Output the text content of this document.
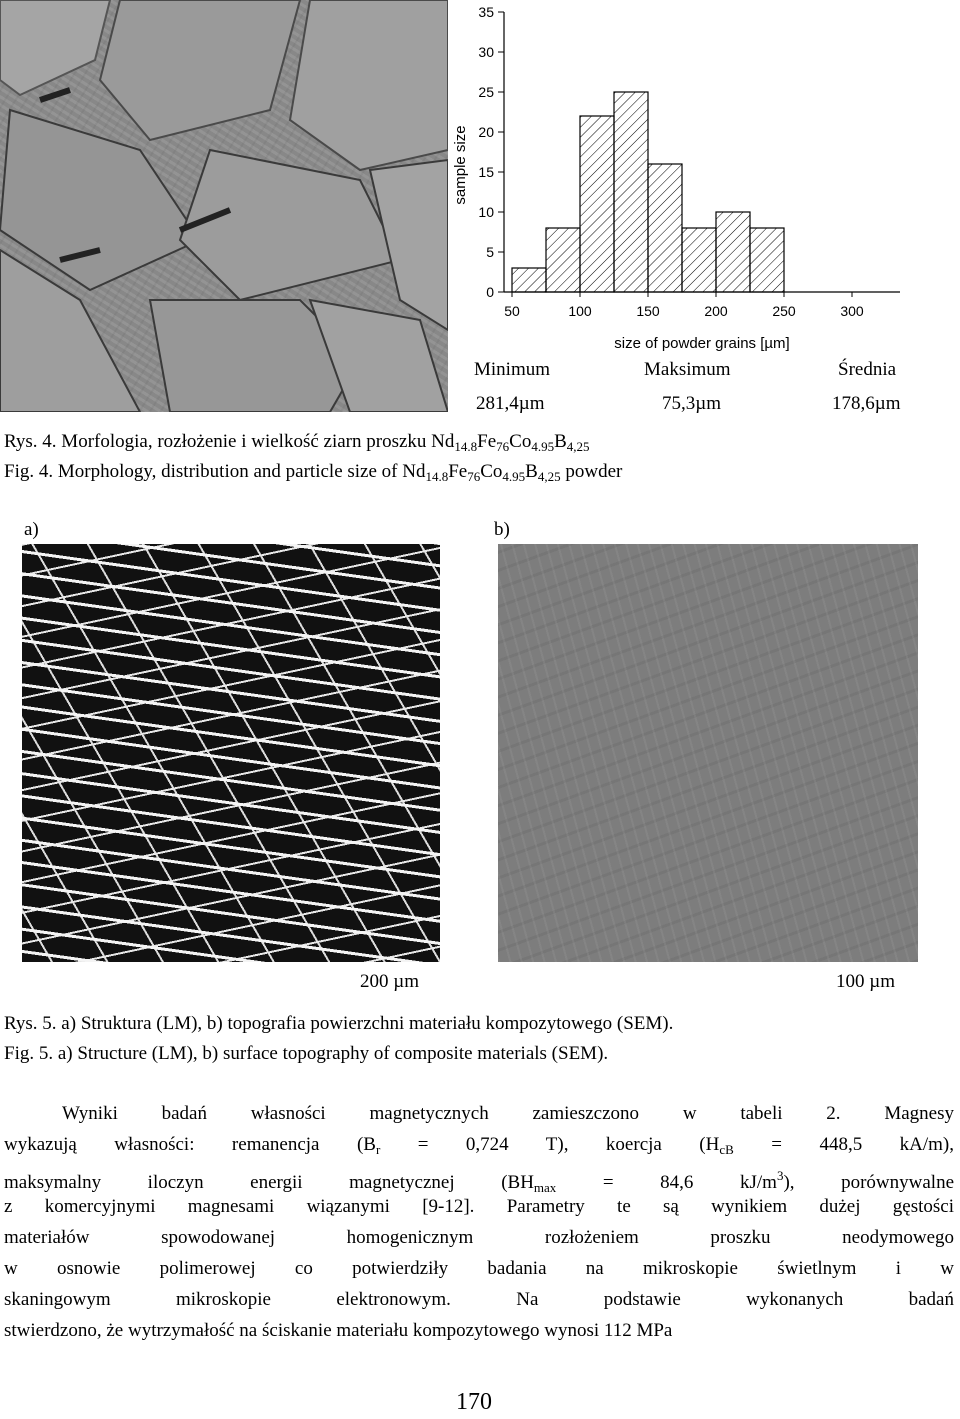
0
5
10
15
20
25
30
35
50	100	150	200	250	300
sample size
size of powder grains [µm]
Minimum	Maksimum	Średnia
281,4µm	75,3µm	178,6µm
Rys. 4. Morfologia, rozłożenie i wielkość ziarn proszku $Nd_{14.8}Fe_{76}Co_{4.95}B_{4,25}$
Fig. 4. Morphology, distribution and particle size of $Nd_{14.8}Fe_{76}Co_{4.95}B_{4,25}$ powder
a)	b)
200 µm	100 µm
Rys. 5. a) Struktura (LM), b) topografia powierzchni materiału kompozytowego (SEM).
Fig. 5. a) Structure (LM), b) surface topography of composite materials (SEM).
Wyniki badań własności magnetycznych zamieszczono w tabeli 2. Magnesy
wykazują własności: remanencja ($B_r = 0,724$ T), koercja ($H_{cB} = 448,5$ kA/m),
maksymalny iloczyn energii magnetycznej ($BH_{max} = 84,6$ $kJ/m^3$), porównywalne
z komercyjnymi magnesami wiązanymi [9-12]. Parametry te są wynikiem dużej gęstości
materiałów spowodowanej homogenicznym rozłożeniem proszku neodymowego
w osnowie polimerowej co potwierdziły badania na mikroskopie świetlnym i w
skaningowym mikroskopie elektronowym. Na podstawie wykonanych badań
stwierdzono, że wytrzymałość na ściskanie materiału kompozytowego wynosi 112 MPa
170
